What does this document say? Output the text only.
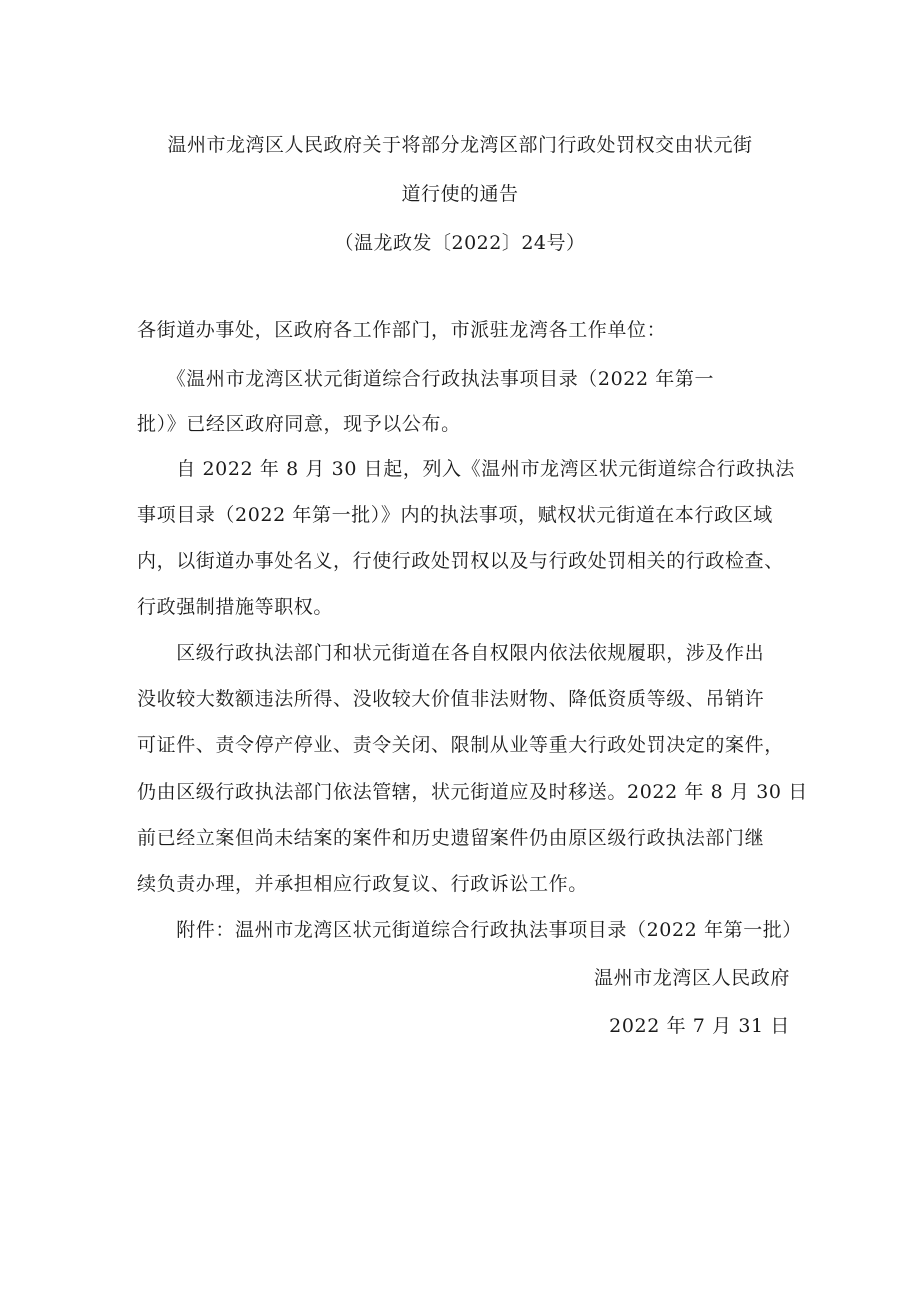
温州市龙湾区人民政府关于将部分龙湾区部门行政处罚权交由状元街
道行使的通告
（温龙政发〔2022〕24号）
各街道办事处，区政府各工作部门，市派驻龙湾各工作单位：
　　《温州市龙湾区状元街道综合行政执法事项目录（2022 年第一
批）》已经区政府同意，现予以公布。
　　自 2022 年 8 月 30 日起，列入《温州市龙湾区状元街道综合行政执法
事项目录（2022 年第一批）》内的执法事项，赋权状元街道在本行政区域
内，以街道办事处名义，行使行政处罚权以及与行政处罚相关的行政检查、
行政强制措施等职权。
　　区级行政执法部门和状元街道在各自权限内依法依规履职，涉及作出
没收较大数额违法所得、没收较大价值非法财物、降低资质等级、吊销许
可证件、责令停产停业、责令关闭、限制从业等重大行政处罚决定的案件，
仍由区级行政执法部门依法管辖，状元街道应及时移送。2022 年 8 月 30 日
前已经立案但尚未结案的案件和历史遗留案件仍由原区级行政执法部门继
续负责办理，并承担相应行政复议、行政诉讼工作。
　　附件：温州市龙湾区状元街道综合行政执法事项目录（2022 年第一批）
温州市龙湾区人民政府
2022 年 7 月 31 日
